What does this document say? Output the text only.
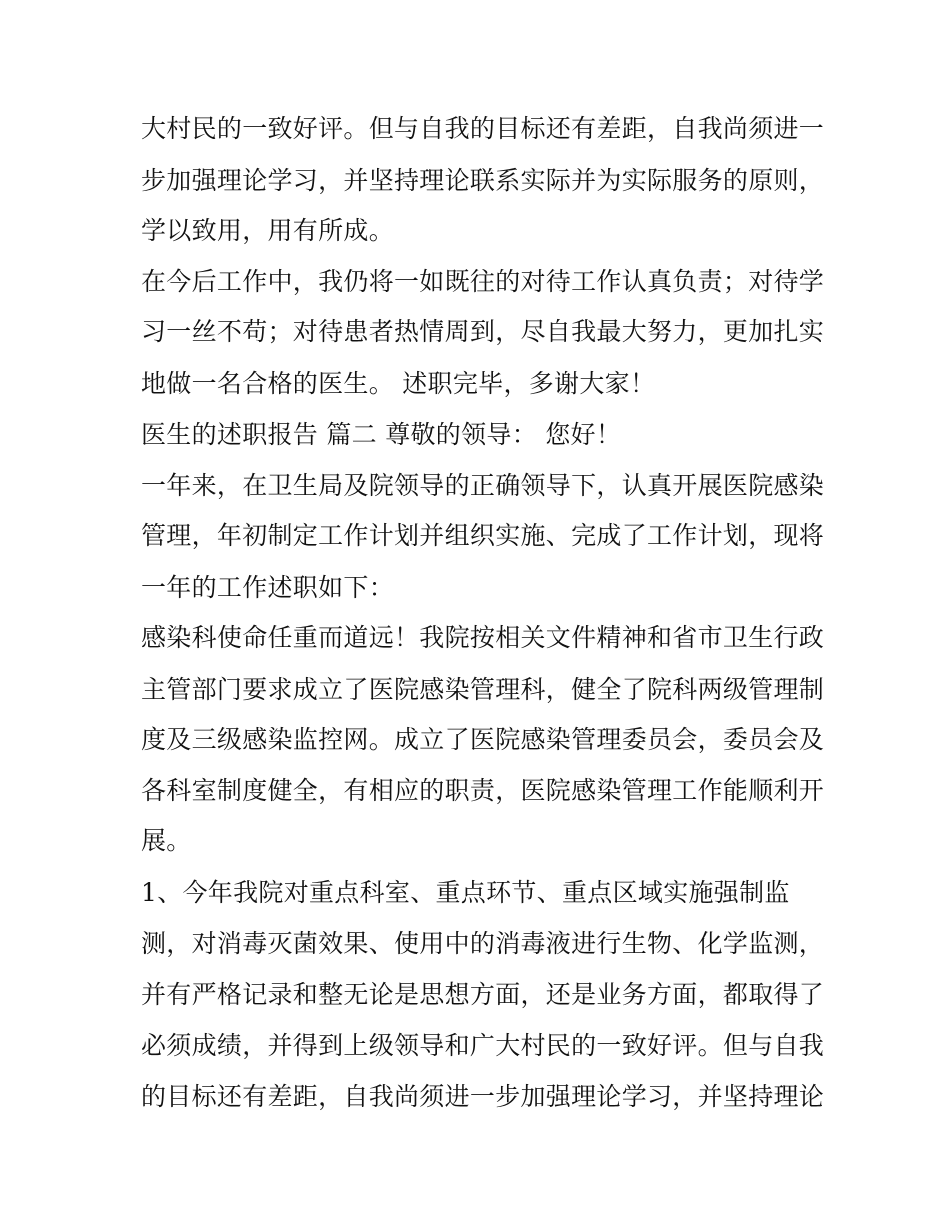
大村民的一致好评。但与自我的目标还有差距，自我尚须进一
步加强理论学习，并坚持理论联系实际并为实际服务的原则，
学以致用，用有所成。
在今后工作中，我仍将一如既往的对待工作认真负责；对待学
习一丝不苟；对待患者热情周到，尽自我最大努力，更加扎实
地做一名合格的医生。 述职完毕，多谢大家！
医生的述职报告 篇二 尊敬的领导： 您好！
一年来，在卫生局及院领导的正确领导下，认真开展医院感染
管理，年初制定工作计划并组织实施、完成了工作计划，现将
一年的工作述职如下：
感染科使命任重而道远！我院按相关文件精神和省市卫生行政
主管部门要求成立了医院感染管理科，健全了院科两级管理制
度及三级感染监控网。成立了医院感染管理委员会，委员会及
各科室制度健全，有相应的职责，医院感染管理工作能顺利开
展。
1、今年我院对重点科室、重点环节、重点区域实施强制监
测，对消毒灭菌效果、使用中的消毒液进行生物、化学监测，
并有严格记录和整无论是思想方面，还是业务方面，都取得了
必须成绩，并得到上级领导和广大村民的一致好评。但与自我
的目标还有差距，自我尚须进一步加强理论学习，并坚持理论
